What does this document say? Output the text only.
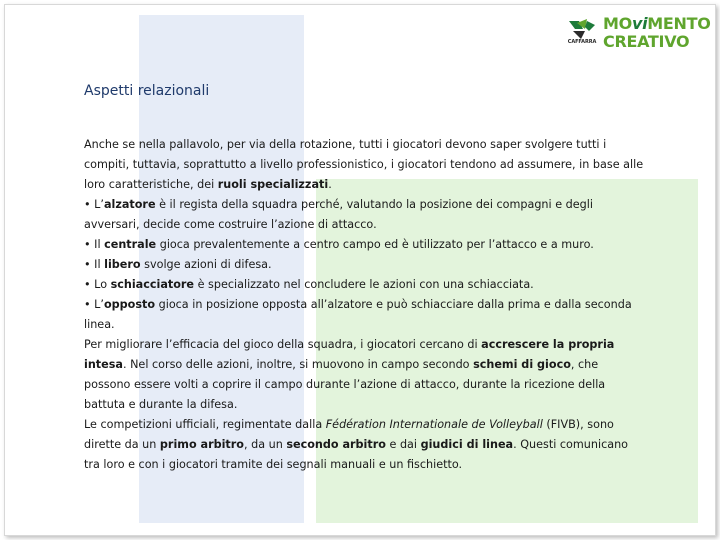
CAFFARRA
MOviMENTO
CREATIVO
Aspetti relazionali

Anche se nella pallavolo, per via della rotazione, tutti i giocatori devono saper svolgere tutti i compiti, tuttavia, soprattutto a livello professionistico, i giocatori tendono ad assumere, in base alle loro caratteristiche, dei ruoli specializzati.

• L’alzatore è il regista della squadra perché, valutando la posizione dei compagni e degli avversari, decide come costruire l’azione di attacco.

• Il centrale gioca prevalentemente a centro campo ed è utilizzato per l’attacco e a muro.

• Il libero svolge azioni di difesa.

• Lo schiacciatore è specializzato nel concludere le azioni con una schiacciata.

• L’opposto gioca in posizione opposta all’alzatore e può schiacciare dalla prima e dalla seconda linea.

Per migliorare l’efficacia del gioco della squadra, i giocatori cercano di accrescere la propria intesa. Nel corso delle azioni, inoltre, si muovono in campo secondo schemi di gioco, che possono essere volti a coprire il campo durante l’azione di attacco, durante la ricezione della battuta e durante la difesa.

Le competizioni ufficiali, regimentate dalla Fédération Internationale de Volleyball (FIVB), sono dirette da un primo arbitro, da un secondo arbitro e dai giudici di linea. Questi comunicano tra loro e con i giocatori tramite dei segnali manuali e un fischietto.
